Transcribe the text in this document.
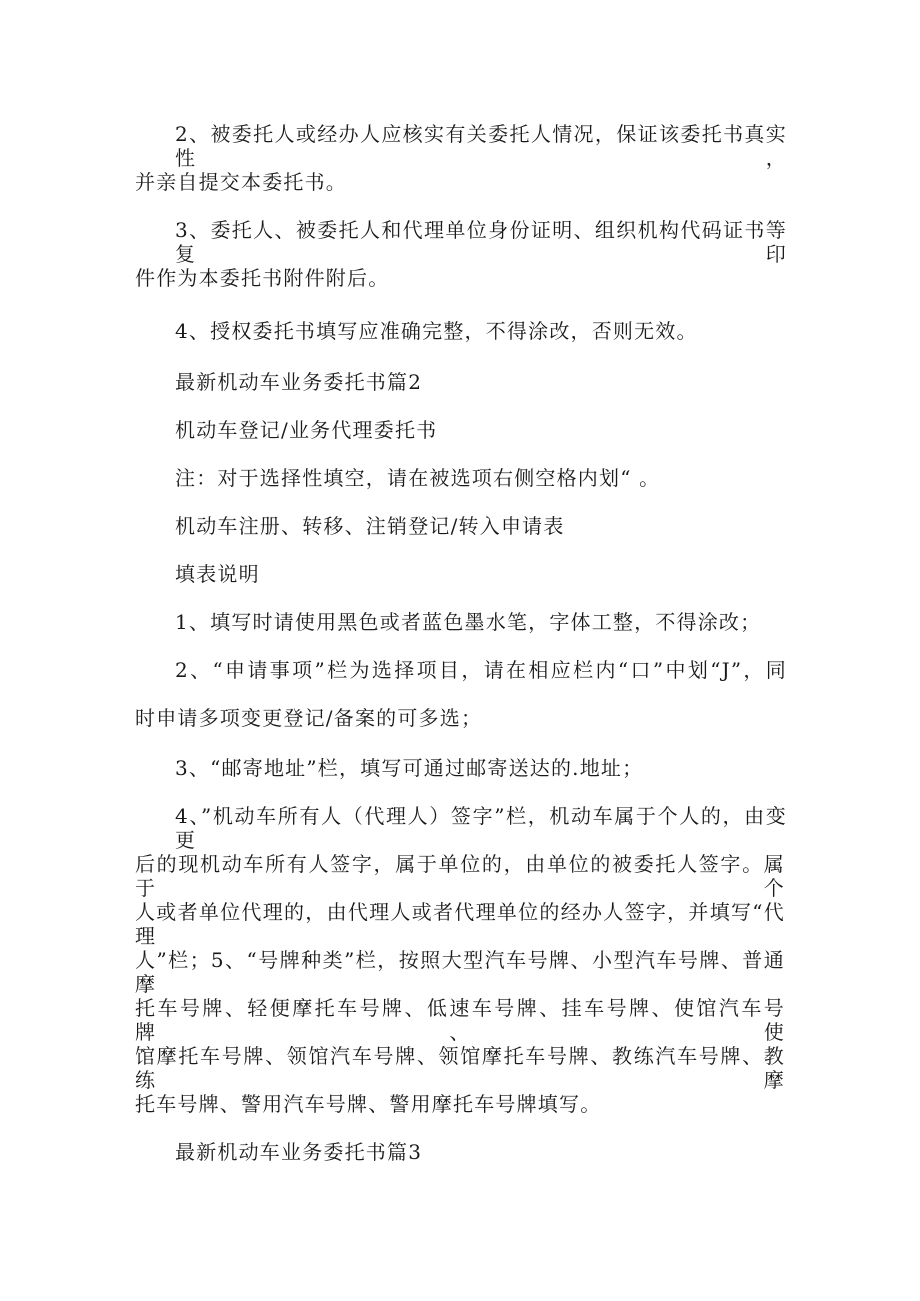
2、被委托人或经办人应核实有关委托人情况，保证该委托书真实性，
并亲自提交本委托书。
3、委托人、被委托人和代理单位身份证明、组织机构代码证书等复印
件作为本委托书附件附后。
4、授权委托书填写应准确完整，不得涂改，否则无效。
最新机动车业务委托书篇2
机动车登记/业务代理委托书
注：对于选择性填空，请在被选项右侧空格内划“ 。
机动车注册、转移、注销登记/转入申请表
填表说明
1、填写时请使用黑色或者蓝色墨水笔，字体工整，不得涂改；
2、“申请事项”栏为选择项目，请在相应栏内“口”中划“J”，同
时申请多项变更登记/备案的可多选；
3、“邮寄地址”栏，填写可通过邮寄送达的.地址；
4、”机动车所有人（代理人）签字”栏，机动车属于个人的，由变更
后的现机动车所有人签字，属于单位的，由单位的被委托人签字。属于个
人或者单位代理的，由代理人或者代理单位的经办人签字，并填写“代理
人”栏；5、“号牌种类”栏，按照大型汽车号牌、小型汽车号牌、普通摩
托车号牌、轻便摩托车号牌、低速车号牌、挂车号牌、使馆汽车号牌、使
馆摩托车号牌、领馆汽车号牌、领馆摩托车号牌、教练汽车号牌、教练摩
托车号牌、警用汽车号牌、警用摩托车号牌填写。
最新机动车业务委托书篇3
